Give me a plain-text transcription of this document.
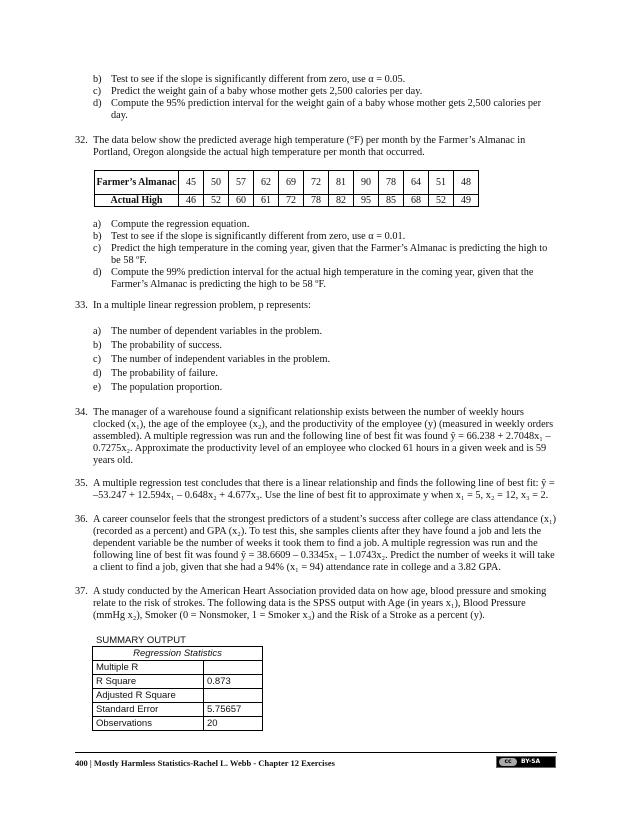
b) Test to see if the slope is significantly different from zero, use α = 0.05.
c) Predict the weight gain of a baby whose mother gets 2,500 calories per day.
d) Compute the 95% prediction interval for the weight gain of a baby whose mother gets 2,500 calories per
day.
32. The data below show the predicted average high temperature (°F) per month by the Farmer’s Almanac in
Portland, Oregon alongside the actual high temperature per month that occurred.
Farmer’s Almanac	45	50	57	62	69	72	81	90	78	64	51	48
Actual High	46	52	60	61	72	78	82	95	85	68	52	49
a) Compute the regression equation.
b) Test to see if the slope is significantly different from zero, use α = 0.01.
c) Predict the high temperature in the coming year, given that the Farmer’s Almanac is predicting the high to
be 58 ºF.
d) Compute the 99% prediction interval for the actual high temperature in the coming year, given that the
Farmer’s Almanac is predicting the high to be 58 ºF.
33. In a multiple linear regression problem, p represents:
a) The number of dependent variables in the problem.
b) The probability of success.
c) The number of independent variables in the problem.
d) The probability of failure.
e) The population proportion.
34. The manager of a warehouse found a significant relationship exists between the number of weekly hours
clocked (x₁), the age of the employee (x₂), and the productivity of the employee (y) (measured in weekly orders
assembled). A multiple regression was run and the following line of best fit was found ŷ = 66.238 + 2.7048x₁ –
0.7275x₂. Approximate the productivity level of an employee who clocked 61 hours in a given week and is 59
years old.
35. A multiple regression test concludes that there is a linear relationship and finds the following line of best fit: ŷ =
–53.247 + 12.594x₁ – 0.648x₂ + 4.677x₃. Use the line of best fit to approximate y when x₁ = 5, x₂ = 12, x₃ = 2.
36. A career counselor feels that the strongest predictors of a student’s success after college are class attendance (x₁)
(recorded as a percent) and GPA (x₂). To test this, she samples clients after they have found a job and lets the
dependent variable be the number of weeks it took them to find a job. A multiple regression was run and the
following line of best fit was found ŷ = 38.6609 – 0.3345x₁ – 1.0743x₂. Predict the number of weeks it will take
a client to find a job, given that she had a 94% (x₁ = 94) attendance rate in college and a 3.82 GPA.
37. A study conducted by the American Heart Association provided data on how age, blood pressure and smoking
relate to the risk of strokes. The following data is the SPSS output with Age (in years x₁), Blood Pressure
(mmHg x₂), Smoker (0 = Nonsmoker, 1 = Smoker x₃) and the Risk of a Stroke as a percent (y).
SUMMARY OUTPUT
Regression Statistics	
Multiple R	
R Square	0.873
Adjusted R Square	
Standard Error	5.75657
Observations	20
400 | Mostly Harmless Statistics-Rachel L. Webb - Chapter 12 Exercises	cc	BY-SA
